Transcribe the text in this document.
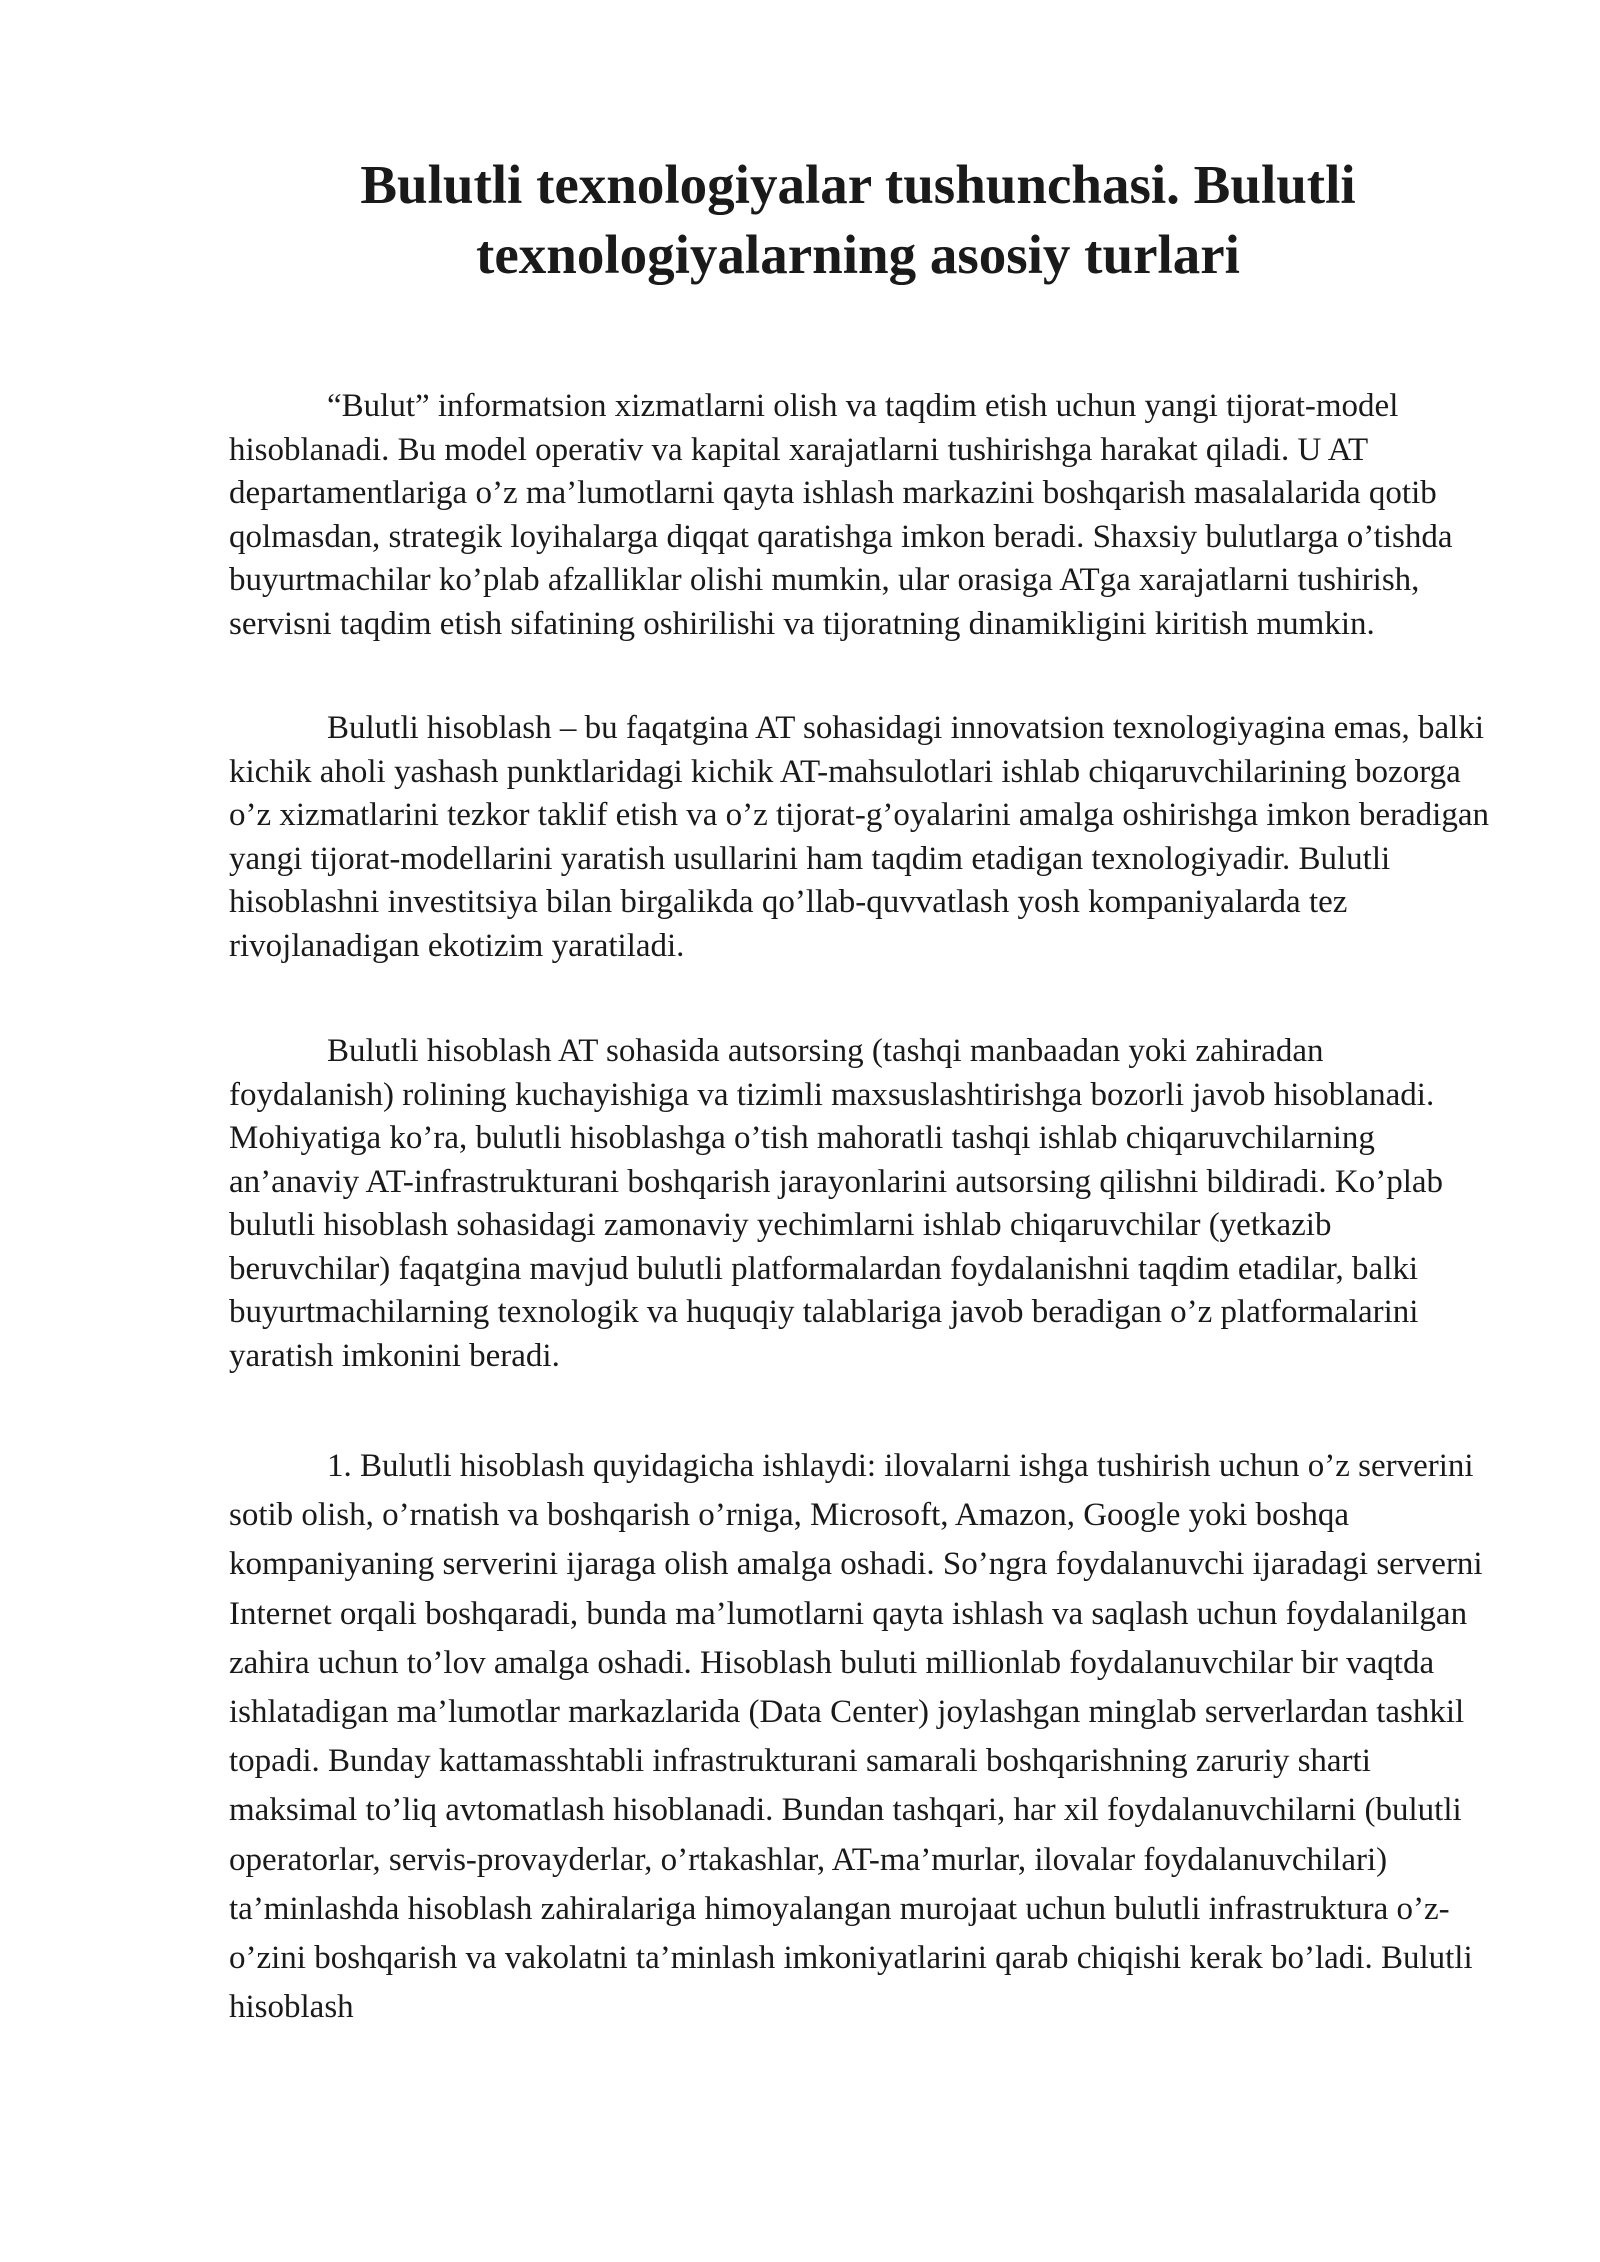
Bulutli texnologiyalar tushunchasi. Bulutli texnologiyalarning asosiy turlari

“Bulut” informatsion xizmatlarni olish va taqdim etish uchun yangi tijorat-model hisoblanadi. Bu model operativ va kapital xarajatlarni tushirishga harakat qiladi. U AT departamentlariga o’z ma’lumotlarni qayta ishlash markazini boshqarish masalalarida qotib qolmasdan, strategik loyihalarga diqqat qaratishga imkon beradi. Shaxsiy bulutlarga o’tishda buyurtmachilar ko’plab afzalliklar olishi mumkin, ular orasiga ATga xarajatlarni tushirish, servisni taqdim etish sifatining oshirilishi va tijoratning dinamikligini kiritish mumkin.

Bulutli hisoblash – bu faqatgina AT sohasidagi innovatsion texnologiyagina emas, balki kichik aholi yashash punktlaridagi kichik AT-mahsulotlari ishlab chiqaruvchilarining bozorga o’z xizmatlarini tezkor taklif etish va o’z tijorat-g’oyalarini amalga oshirishga imkon beradigan yangi tijorat-modellarini yaratish usullarini ham taqdim etadigan texnologiyadir. Bulutli hisoblashni investitsiya bilan birgalikda qo’llab-quvvatlash yosh kompaniyalarda tez rivojlanadigan ekotizim yaratiladi.

Bulutli hisoblash AT sohasida autsorsing (tashqi manbaadan yoki zahiradan foydalanish) rolining kuchayishiga va tizimli maxsuslashtirishga bozorli javob hisoblanadi. Mohiyatiga ko’ra, bulutli hisoblashga o’tish mahoratli tashqi ishlab chiqaruvchilarning an’anaviy AT-infrastrukturani boshqarish jarayonlarini autsorsing qilishni bildiradi. Ko’plab bulutli hisoblash sohasidagi zamonaviy yechimlarni ishlab chiqaruvchilar (yetkazib beruvchilar) faqatgina mavjud bulutli platformalardan foydalanishni taqdim etadilar, balki buyurtmachilarning texnologik va huquqiy talablariga javob beradigan o’z platformalarini yaratish imkonini beradi.

1. Bulutli hisoblash quyidagicha ishlaydi: ilovalarni ishga tushirish uchun o’z serverini sotib olish, o’rnatish va boshqarish o’rniga, Microsoft, Amazon, Google yoki boshqa kompaniyaning serverini ijaraga olish amalga oshadi. So’ngra foydalanuvchi ijaradagi serverni Internet orqali boshqaradi, bunda ma’lumotlarni qayta ishlash va saqlash uchun foydalanilgan zahira uchun to’lov amalga oshadi. Hisoblash buluti millionlab foydalanuvchilar bir vaqtda ishlatadigan ma’lumotlar markazlarida (Data Center) joylashgan minglab serverlardan tashkil topadi. Bunday kattamasshtabli infrastrukturani samarali boshqarishning zaruriy sharti maksimal to’liq avtomatlash hisoblanadi. Bundan tashqari, har xil foydalanuvchilarni (bulutli operatorlar, servis-provayderlar, o’rtakashlar, AT-ma’murlar, ilovalar foydalanuvchilari) ta’minlashda hisoblash zahiralariga himoyalangan murojaat uchun bulutli infrastruktura o’z-o’zini boshqarish va vakolatni ta’minlash imkoniyatlarini qarab chiqishi kerak bo’ladi. Bulutli hisoblash
